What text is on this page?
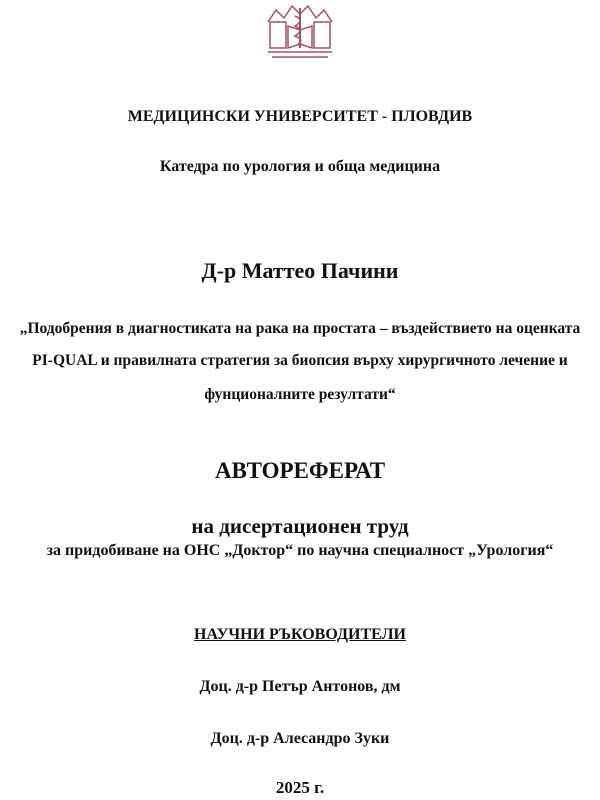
МЕДИЦИНСКИ УНИВЕРСИТЕТ - ПЛОВДИВ
Катедра по урология и обща медицина
Д-р Маттео Пачини
„Подобрения в диагностиката на рака на простата – въздействието на оценката
PI-QUAL и правилната стратегия за биопсия върху хирургичното лечение и
фунционалните резултати“
АВТОРЕФЕРАТ
на дисертационен труд
за придобиване на ОНС „Доктор“ по научна специалност „Урология“
НАУЧНИ РЪКОВОДИТЕЛИ
Доц. д-р Петър Антонов, дм
Доц. д-р Алесандро Зуки
2025 г.
